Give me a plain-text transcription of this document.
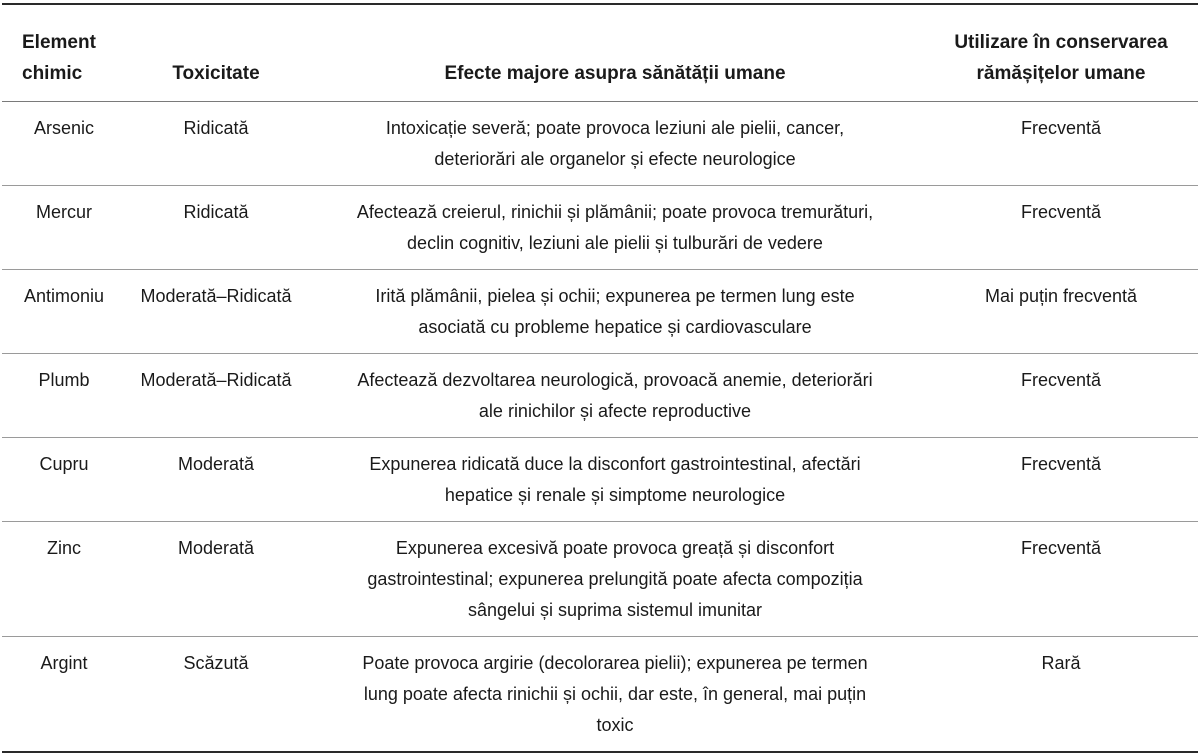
Element chimic	Toxicitate	Efecte majore asupra sănătății umane	Utilizare în conservarea rămășițelor umane
Arsenic	Ridicată	Intoxicație severă; poate provoca leziuni ale pielii, cancer, deteriorări ale organelor și efecte neurologice	Frecventă
Mercur	Ridicată	Afectează creierul, rinichii și plămânii; poate provoca tremurături, declin cognitiv, leziuni ale pielii și tulburări de vedere	Frecventă
Antimoniu	Moderată–Ridicată	Irită plămânii, pielea și ochii; expunerea pe termen lung este asociată cu probleme hepatice și cardiovasculare	Mai puțin frecventă
Plumb	Moderată–Ridicată	Afectează dezvoltarea neurologică, provoacă anemie, deteriorări ale rinichilor și afecte reproductive	Frecventă
Cupru	Moderată	Expunerea ridicată duce la disconfort gastrointestinal, afectări hepatice și renale și simptome neurologice	Frecventă
Zinc	Moderată	Expunerea excesivă poate provoca greață și disconfort gastrointestinal; expunerea prelungită poate afecta compoziția sângelui și suprima sistemul imunitar	Frecventă
Argint	Scăzută	Poate provoca argirie (decolorarea pielii); expunerea pe termen lung poate afecta rinichii și ochii, dar este, în general, mai puțin toxic	Rară
